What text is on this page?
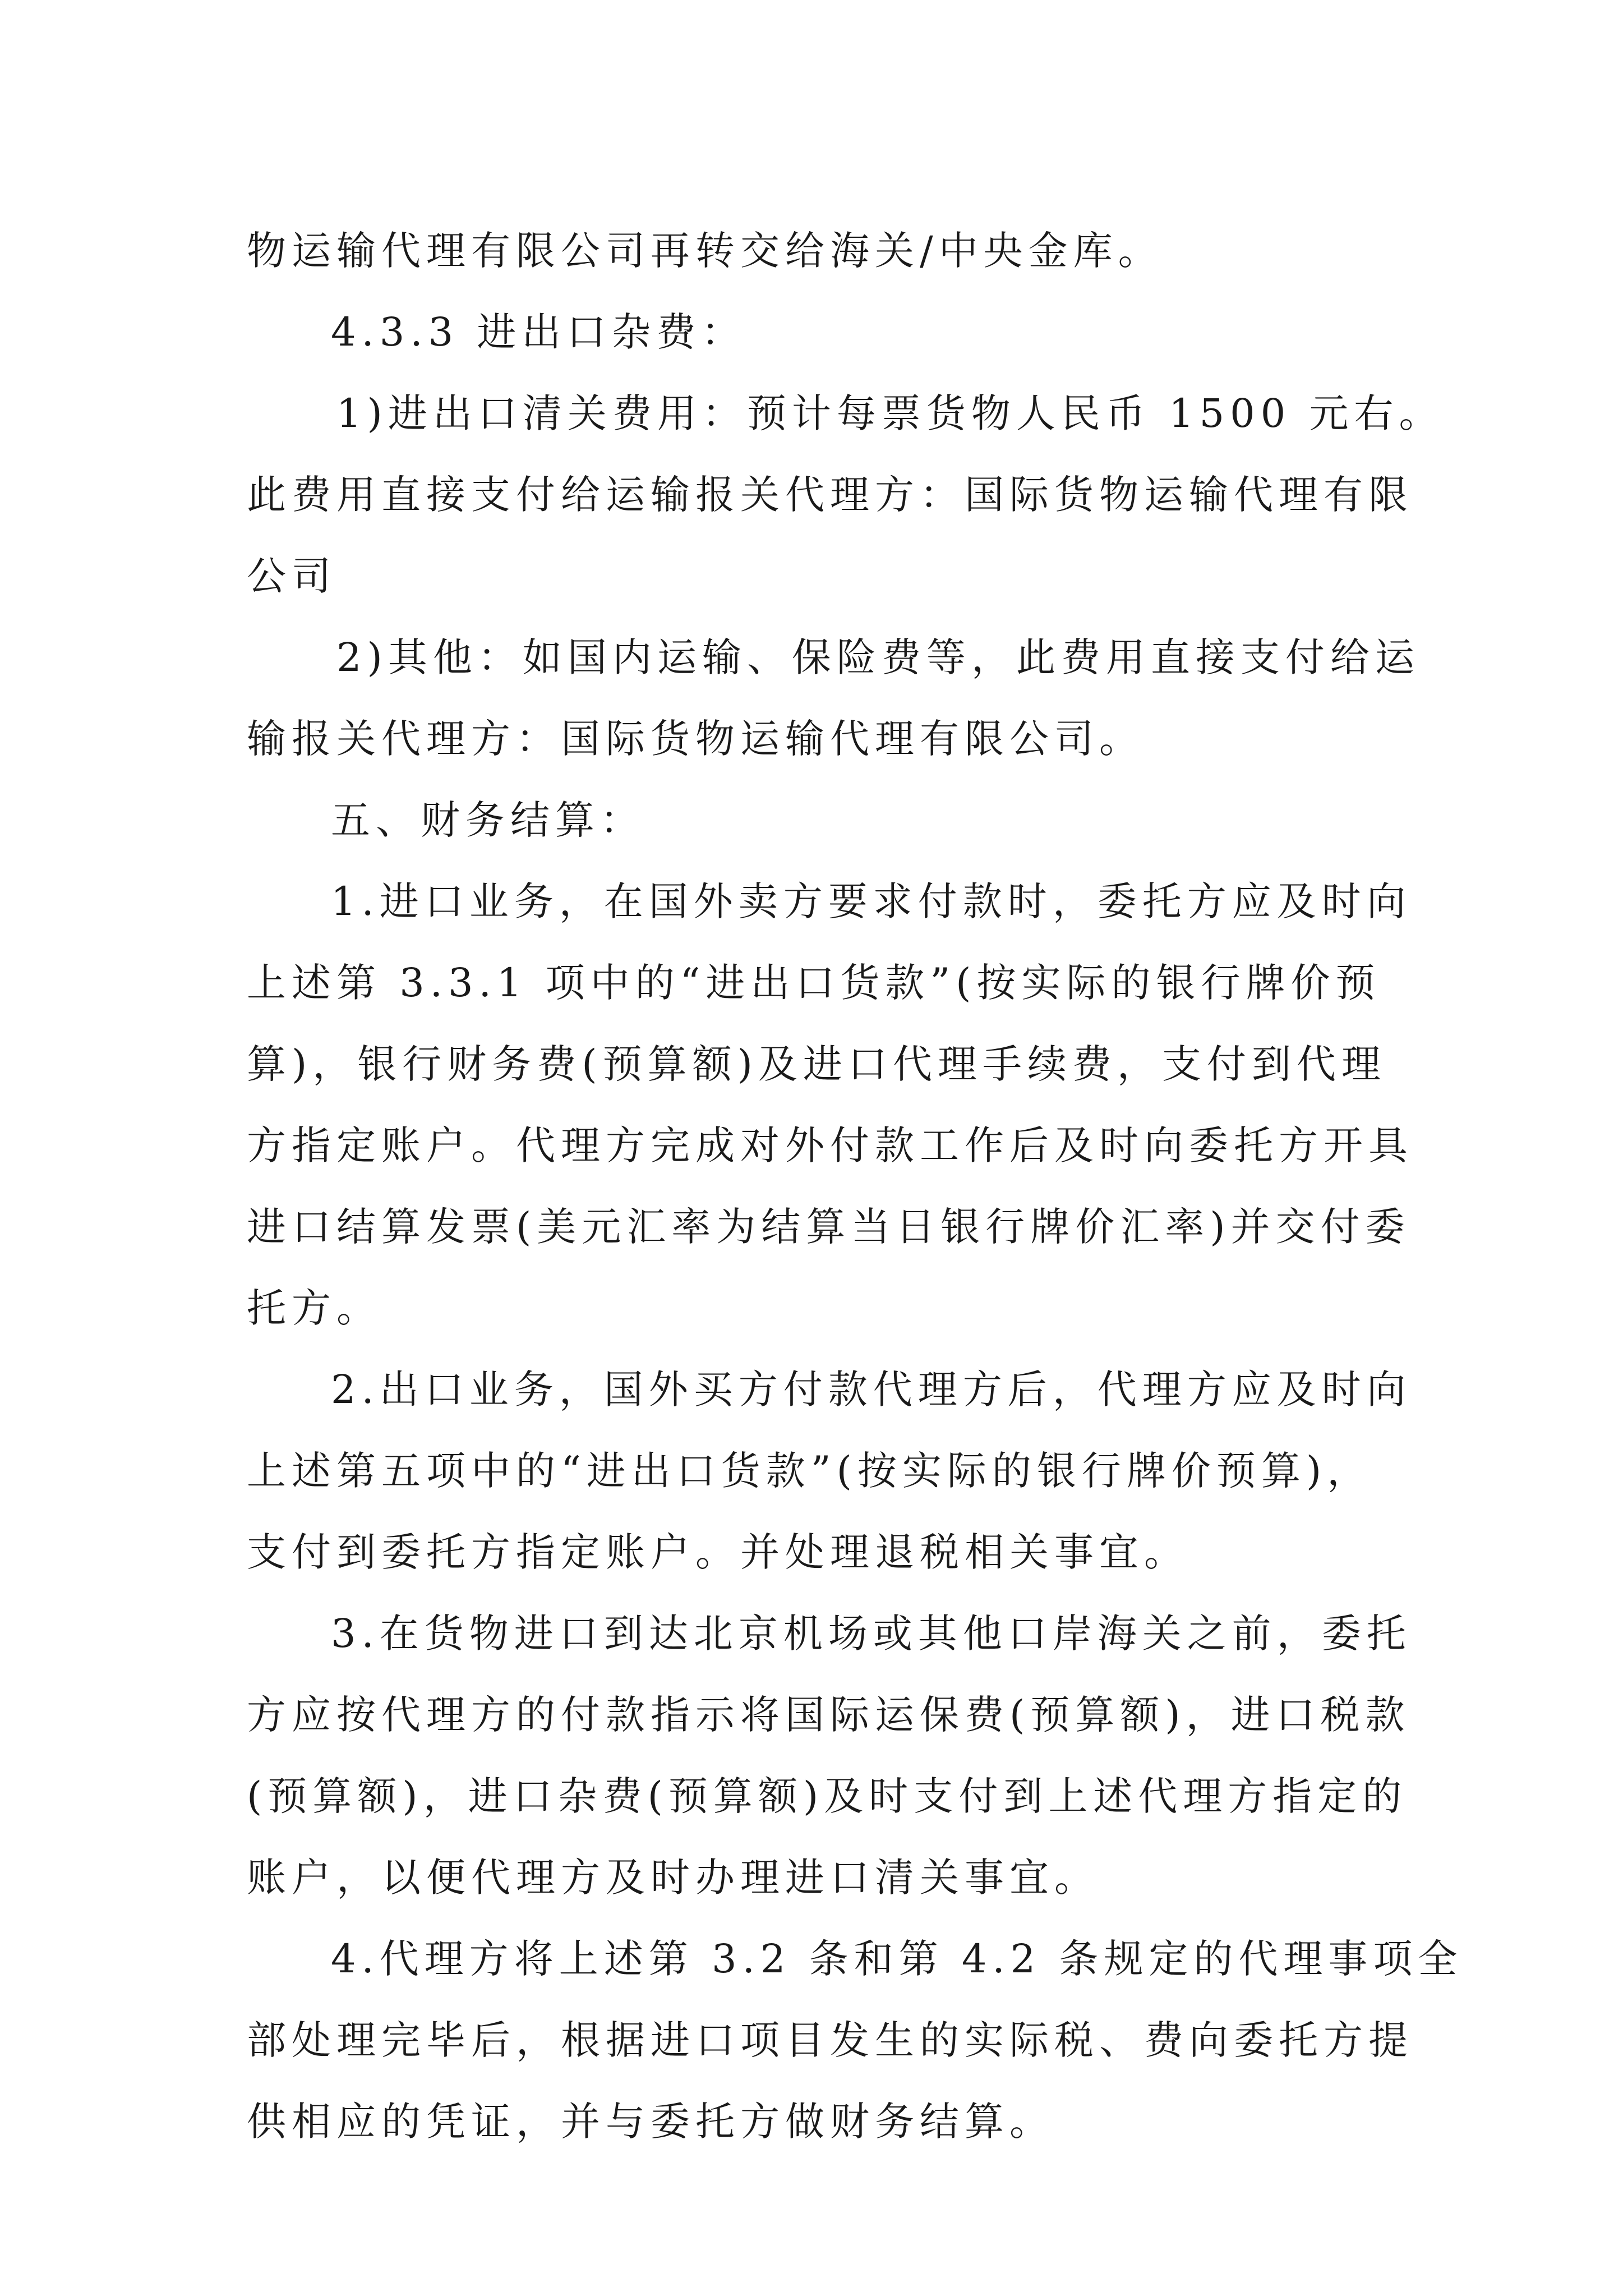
物运输代理有限公司再转交给海关/中央金库。
4.3.3 进出口杂费：
1)进出口清关费用：预计每票货物人民币 1500 元右。
此费用直接支付给运输报关代理方：国际货物运输代理有限
公司
2)其他：如国内运输、保险费等，此费用直接支付给运
输报关代理方：国际货物运输代理有限公司。
五、财务结算：
1.进口业务，在国外卖方要求付款时，委托方应及时向
上述第 3.3.1 项中的“进出口货款”(按实际的银行牌价预
算)，银行财务费(预算额)及进口代理手续费，支付到代理
方指定账户。代理方完成对外付款工作后及时向委托方开具
进口结算发票(美元汇率为结算当日银行牌价汇率)并交付委
托方。
2.出口业务，国外买方付款代理方后，代理方应及时向
上述第五项中的“进出口货款”(按实际的银行牌价预算)，
支付到委托方指定账户。并处理退税相关事宜。
3.在货物进口到达北京机场或其他口岸海关之前，委托
方应按代理方的付款指示将国际运保费(预算额)，进口税款
(预算额)，进口杂费(预算额)及时支付到上述代理方指定的
账户，以便代理方及时办理进口清关事宜。
4.代理方将上述第 3.2 条和第 4.2 条规定的代理事项全
部处理完毕后，根据进口项目发生的实际税、费向委托方提
供相应的凭证，并与委托方做财务结算。
